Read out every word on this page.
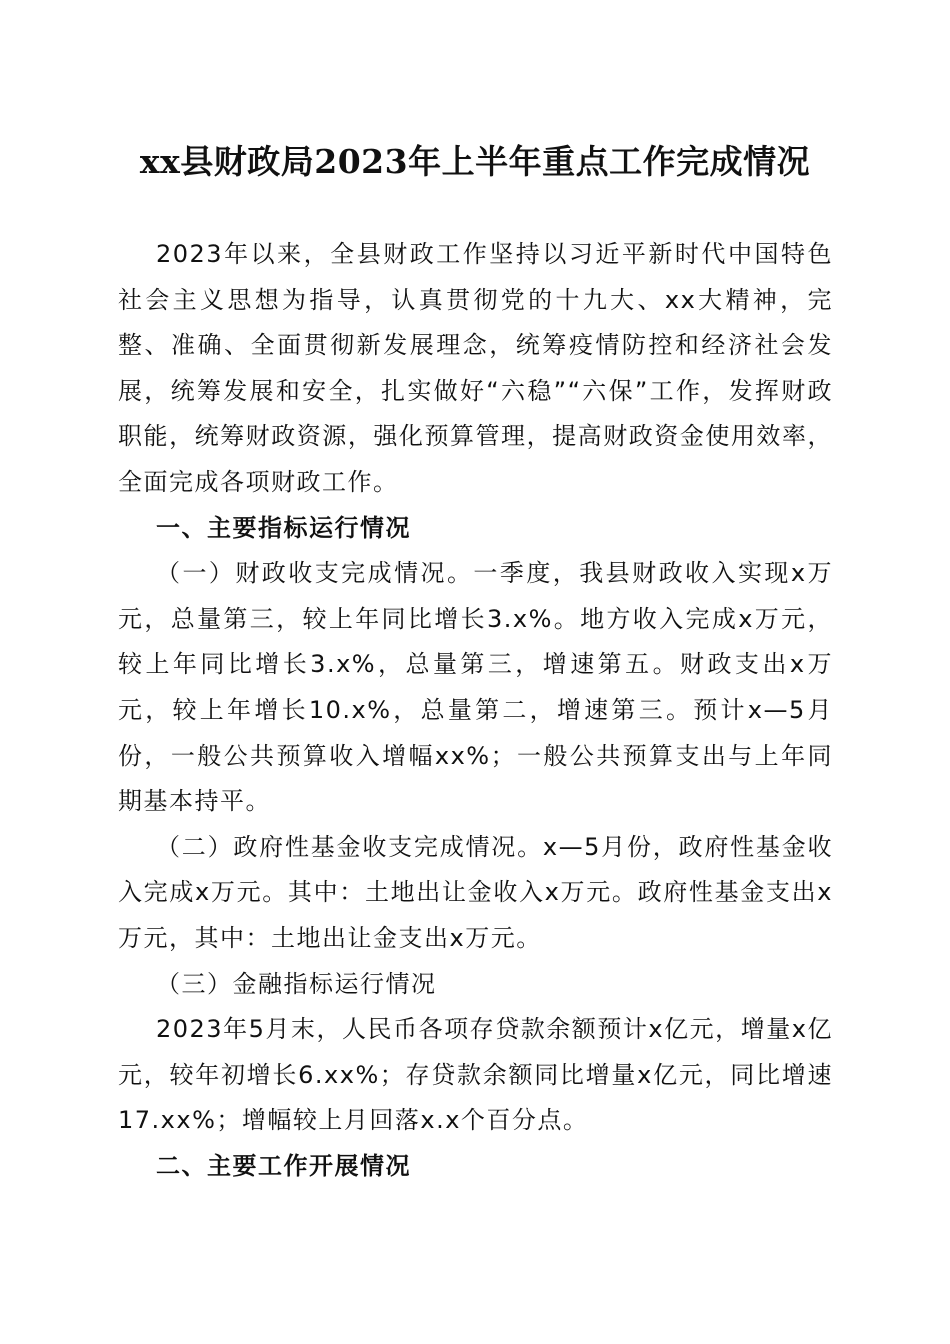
xx县财政局2023年上半年重点工作完成情况

2023年以来，全县财政工作坚持以习近平新时代中国特色社会主义思想为指导，认真贯彻党的十九大、xx大精神，完整、准确、全面贯彻新发展理念，统筹疫情防控和经济社会发展，统筹发展和安全，扎实做好“六稳”“六保”工作，发挥财政职能，统筹财政资源，强化预算管理，提高财政资金使用效率，全面完成各项财政工作。

一、主要指标运行情况

（一）财政收支完成情况。一季度，我县财政收入实现x万元，总量第三，较上年同比增长3.x%。地方收入完成x万元，较上年同比增长3.x%，总量第三，增速第五。财政支出x万元，较上年增长10.x%，总量第二，增速第三。预计x—5月份，一般公共预算收入增幅xx%；一般公共预算支出与上年同期基本持平。

（二）政府性基金收支完成情况。x—5月份，政府性基金收入完成x万元。其中：土地出让金收入x万元。政府性基金支出x万元，其中：土地出让金支出x万元。

（三）金融指标运行情况

2023年5月末，人民币各项存贷款余额预计x亿元，增量x亿元，较年初增长6.xx%；存贷款余额同比增量x亿元，同比增速17.xx%；增幅较上月回落x.x个百分点。

二、主要工作开展情况
